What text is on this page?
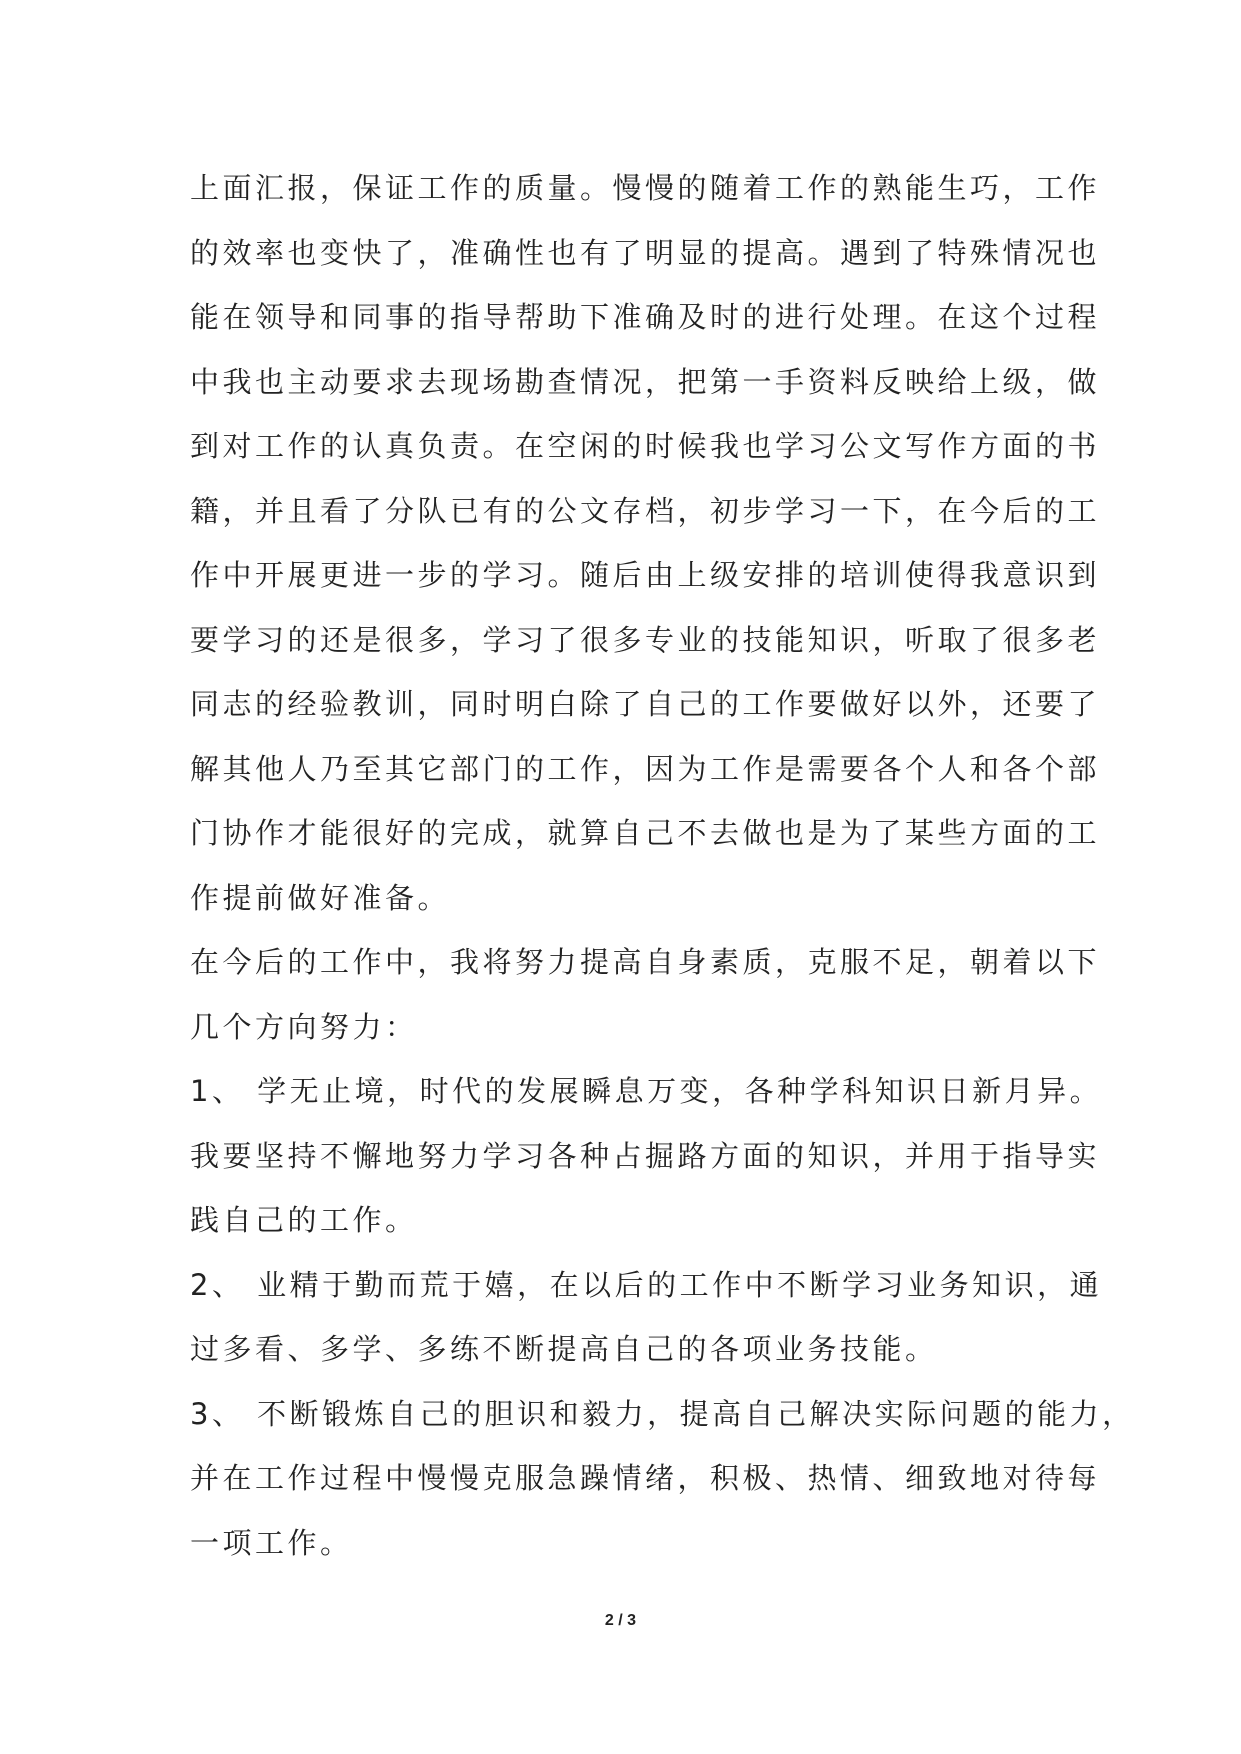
上面汇报，保证工作的质量。慢慢的随着工作的熟能生巧，工作
的效率也变快了，准确性也有了明显的提高。遇到了特殊情况也
能在领导和同事的指导帮助下准确及时的进行处理。在这个过程
中我也主动要求去现场勘查情况，把第一手资料反映给上级，做
到对工作的认真负责。在空闲的时候我也学习公文写作方面的书
籍，并且看了分队已有的公文存档，初步学习一下，在今后的工
作中开展更进一步的学习。随后由上级安排的培训使得我意识到
要学习的还是很多，学习了很多专业的技能知识，听取了很多老
同志的经验教训，同时明白除了自己的工作要做好以外，还要了
解其他人乃至其它部门的工作，因为工作是需要各个人和各个部
门协作才能很好的完成，就算自己不去做也是为了某些方面的工
作提前做好准备。
在今后的工作中，我将努力提高自身素质，克服不足，朝着以下
几个方向努力：
1、 学无止境，时代的发展瞬息万变，各种学科知识日新月异。
我要坚持不懈地努力学习各种占掘路方面的知识，并用于指导实
践自己的工作。
2、 业精于勤而荒于嬉，在以后的工作中不断学习业务知识，通
过多看、多学、多练不断提高自己的各项业务技能。
3、 不断锻炼自己的胆识和毅力，提高自己解决实际问题的能力，
并在工作过程中慢慢克服急躁情绪，积极、热情、细致地对待每
一项工作。
2 / 3
